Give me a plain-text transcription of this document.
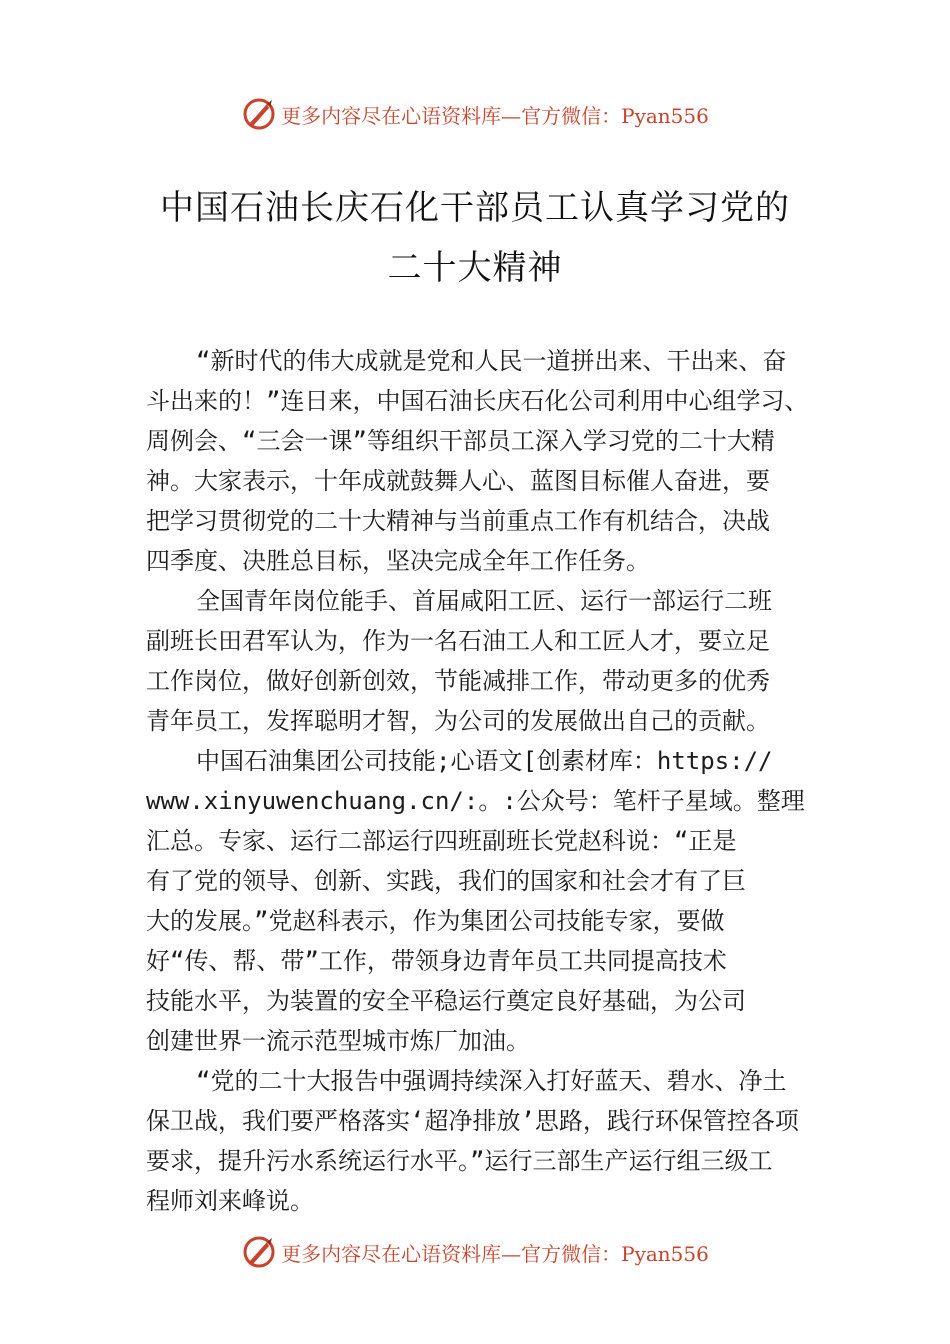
更多内容尽在心语资料库—官方微信：Pyan556
中国石油长庆石化干部员工认真学习党的
二十大精神
“新时代的伟大成就是党和人民一道拼出来、干出来、奋
斗出来的！”连日来，中国石油长庆石化公司利用中心组学习、
周例会、“三会一课”等组织干部员工深入学习党的二十大精
神。大家表示，十年成就鼓舞人心、蓝图目标催人奋进，要
把学习贯彻党的二十大精神与当前重点工作有机结合，决战
四季度、决胜总目标，坚决完成全年工作任务。
全国青年岗位能手、首届咸阳工匠、运行一部运行二班
副班长田君军认为，作为一名石油工人和工匠人才，要立足
工作岗位，做好创新创效，节能减排工作，带动更多的优秀
青年员工，发挥聪明才智，为公司的发展做出自己的贡献。
中国石油集团公司技能;心语文[创素材库：https://
www.xinyuwenchuang.cn/:。:公众号：笔杆子星域。整理
汇总。专家、运行二部运行四班副班长党赵科说：“正是
有了党的领导、创新、实践，我们的国家和社会才有了巨
大的发展。”党赵科表示，作为集团公司技能专家，要做
好“传、帮、带”工作，带领身边青年员工共同提高技术
技能水平，为装置的安全平稳运行奠定良好基础，为公司
创建世界一流示范型城市炼厂加油。
“党的二十大报告中强调持续深入打好蓝天、碧水、净土
保卫战，我们要严格落实‘超净排放’思路，践行环保管控各项
要求，提升污水系统运行水平。”运行三部生产运行组三级工
程师刘来峰说。
更多内容尽在心语资料库—官方微信：Pyan556
